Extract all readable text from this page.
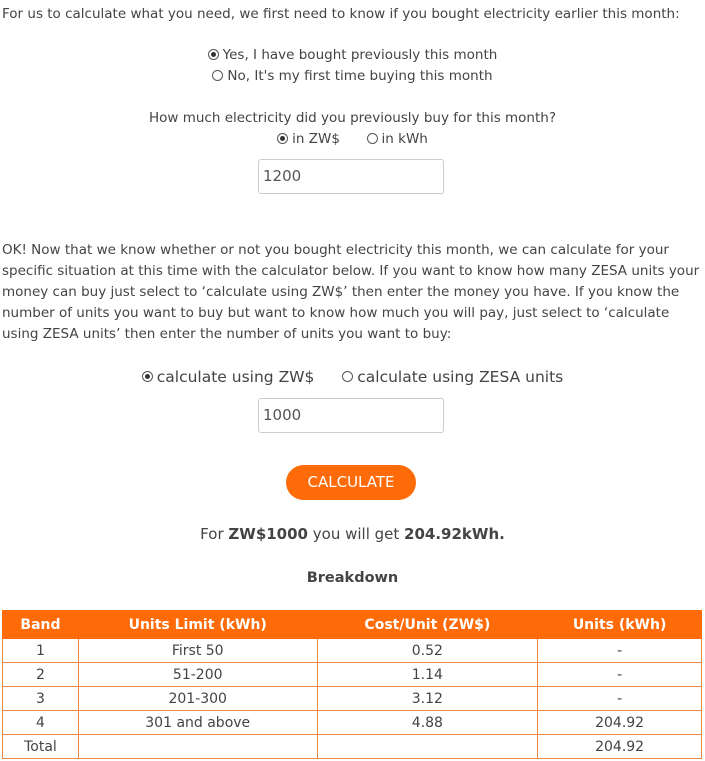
For us to calculate what you need, we first need to know if you bought electricity earlier this month:
Yes, I have bought previously this month
No, It's my first time buying this month
How much electricity did you previously buy for this month?
in ZW$	in kWh
1200
OK! Now that we know whether or not you bought electricity this month, we can calculate for your specific situation at this time with the calculator below. If you want to know how many ZESA units your money can buy just select to ‘calculate using ZW$’ then enter the money you have. If you know the number of units you want to buy but want to know how much you will pay, just select to ‘calculate using ZESA units’ then enter the number of units you want to buy:
calculate using ZW$	calculate using ZESA units
1000
CALCULATE
For ZW$1000 you will get 204.92kWh.
Breakdown
Band	Units Limit (kWh)	Cost/Unit (ZW$)	Units (kWh)
1	First 50	0.52	-
2	51-200	1.14	-
3	201-300	3.12	-
4	301 and above	4.88	204.92
Total			204.92
